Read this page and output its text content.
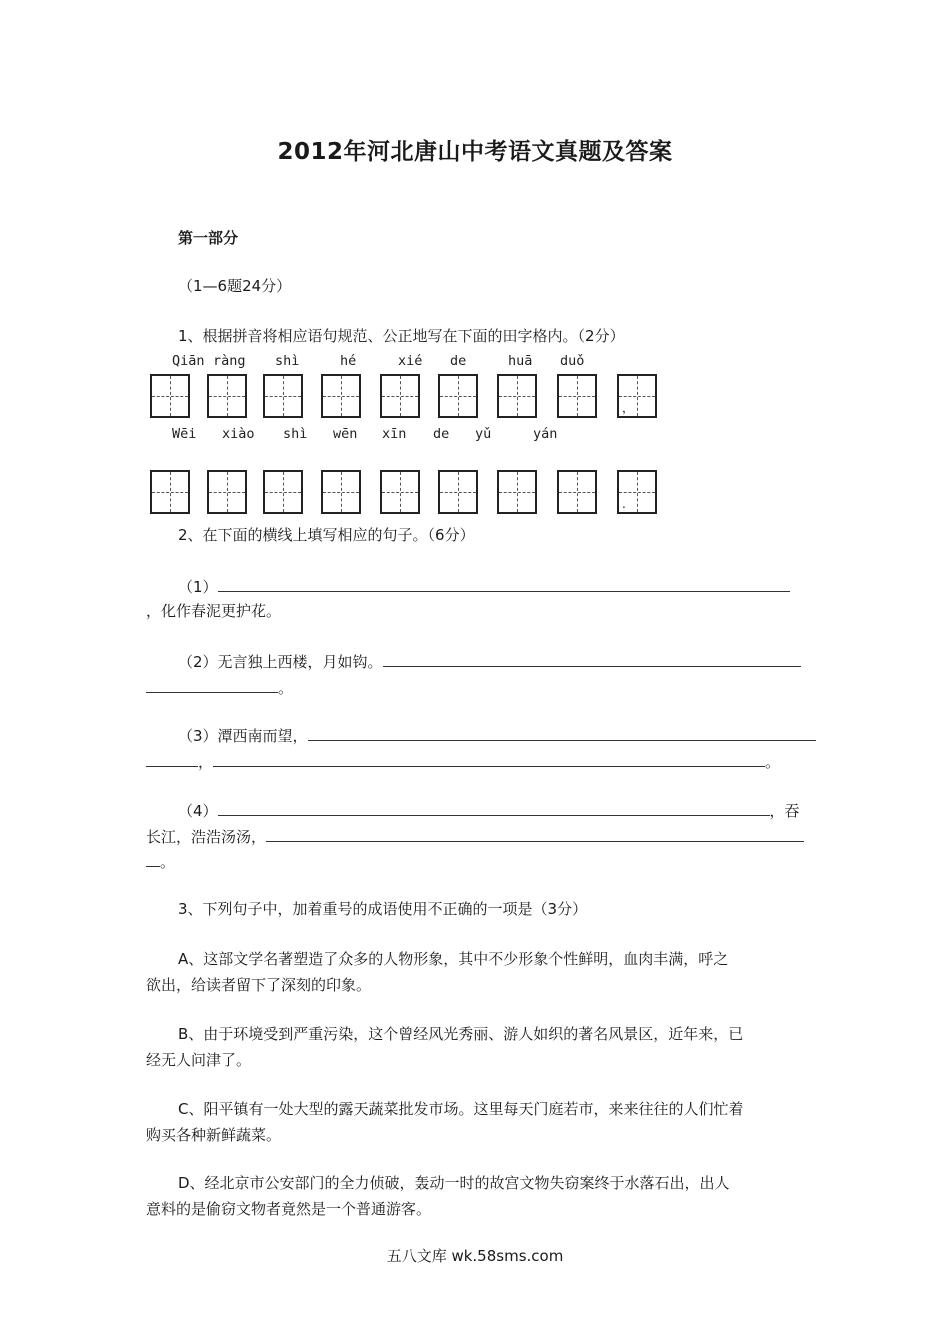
2012年河北唐山中考语文真题及答案
第一部分
（1—6题24分）
1、根据拼音将相应语句规范、公正地写在下面的田字格内。（2分）
Qiān ràng shì	hé	xié de	huā duǒ
，
Wēi xiào shì wēn xīn de yǔ	yán
.
2、在下面的横线上填写相应的句子。（6分）
（1）
，化作春泥更护花。
（2）无言独上西楼，月如钩。
。
（3）潭西南而望，
，	。
（4）	，吞
长江，浩浩汤汤，
。
3、下列句子中，加着重号的成语使用不正确的一项是（3分）
A、这部文学名著塑造了众多的人物形象，其中不少形象个性鲜明，血肉丰满，呼之
欲出，给读者留下了深刻的印象。
B、由于环境受到严重污染，这个曾经风光秀丽、游人如织的著名风景区，近年来，已
经无人问津了。
C、阳平镇有一处大型的露天蔬菜批发市场。这里每天门庭若市，来来往往的人们忙着
购买各种新鲜蔬菜。
D、经北京市公安部门的全力侦破，轰动一时的故宫文物失窃案终于水落石出，出人
意料的是偷窃文物者竟然是一个普通游客。
五八文库 wk.58sms.com
